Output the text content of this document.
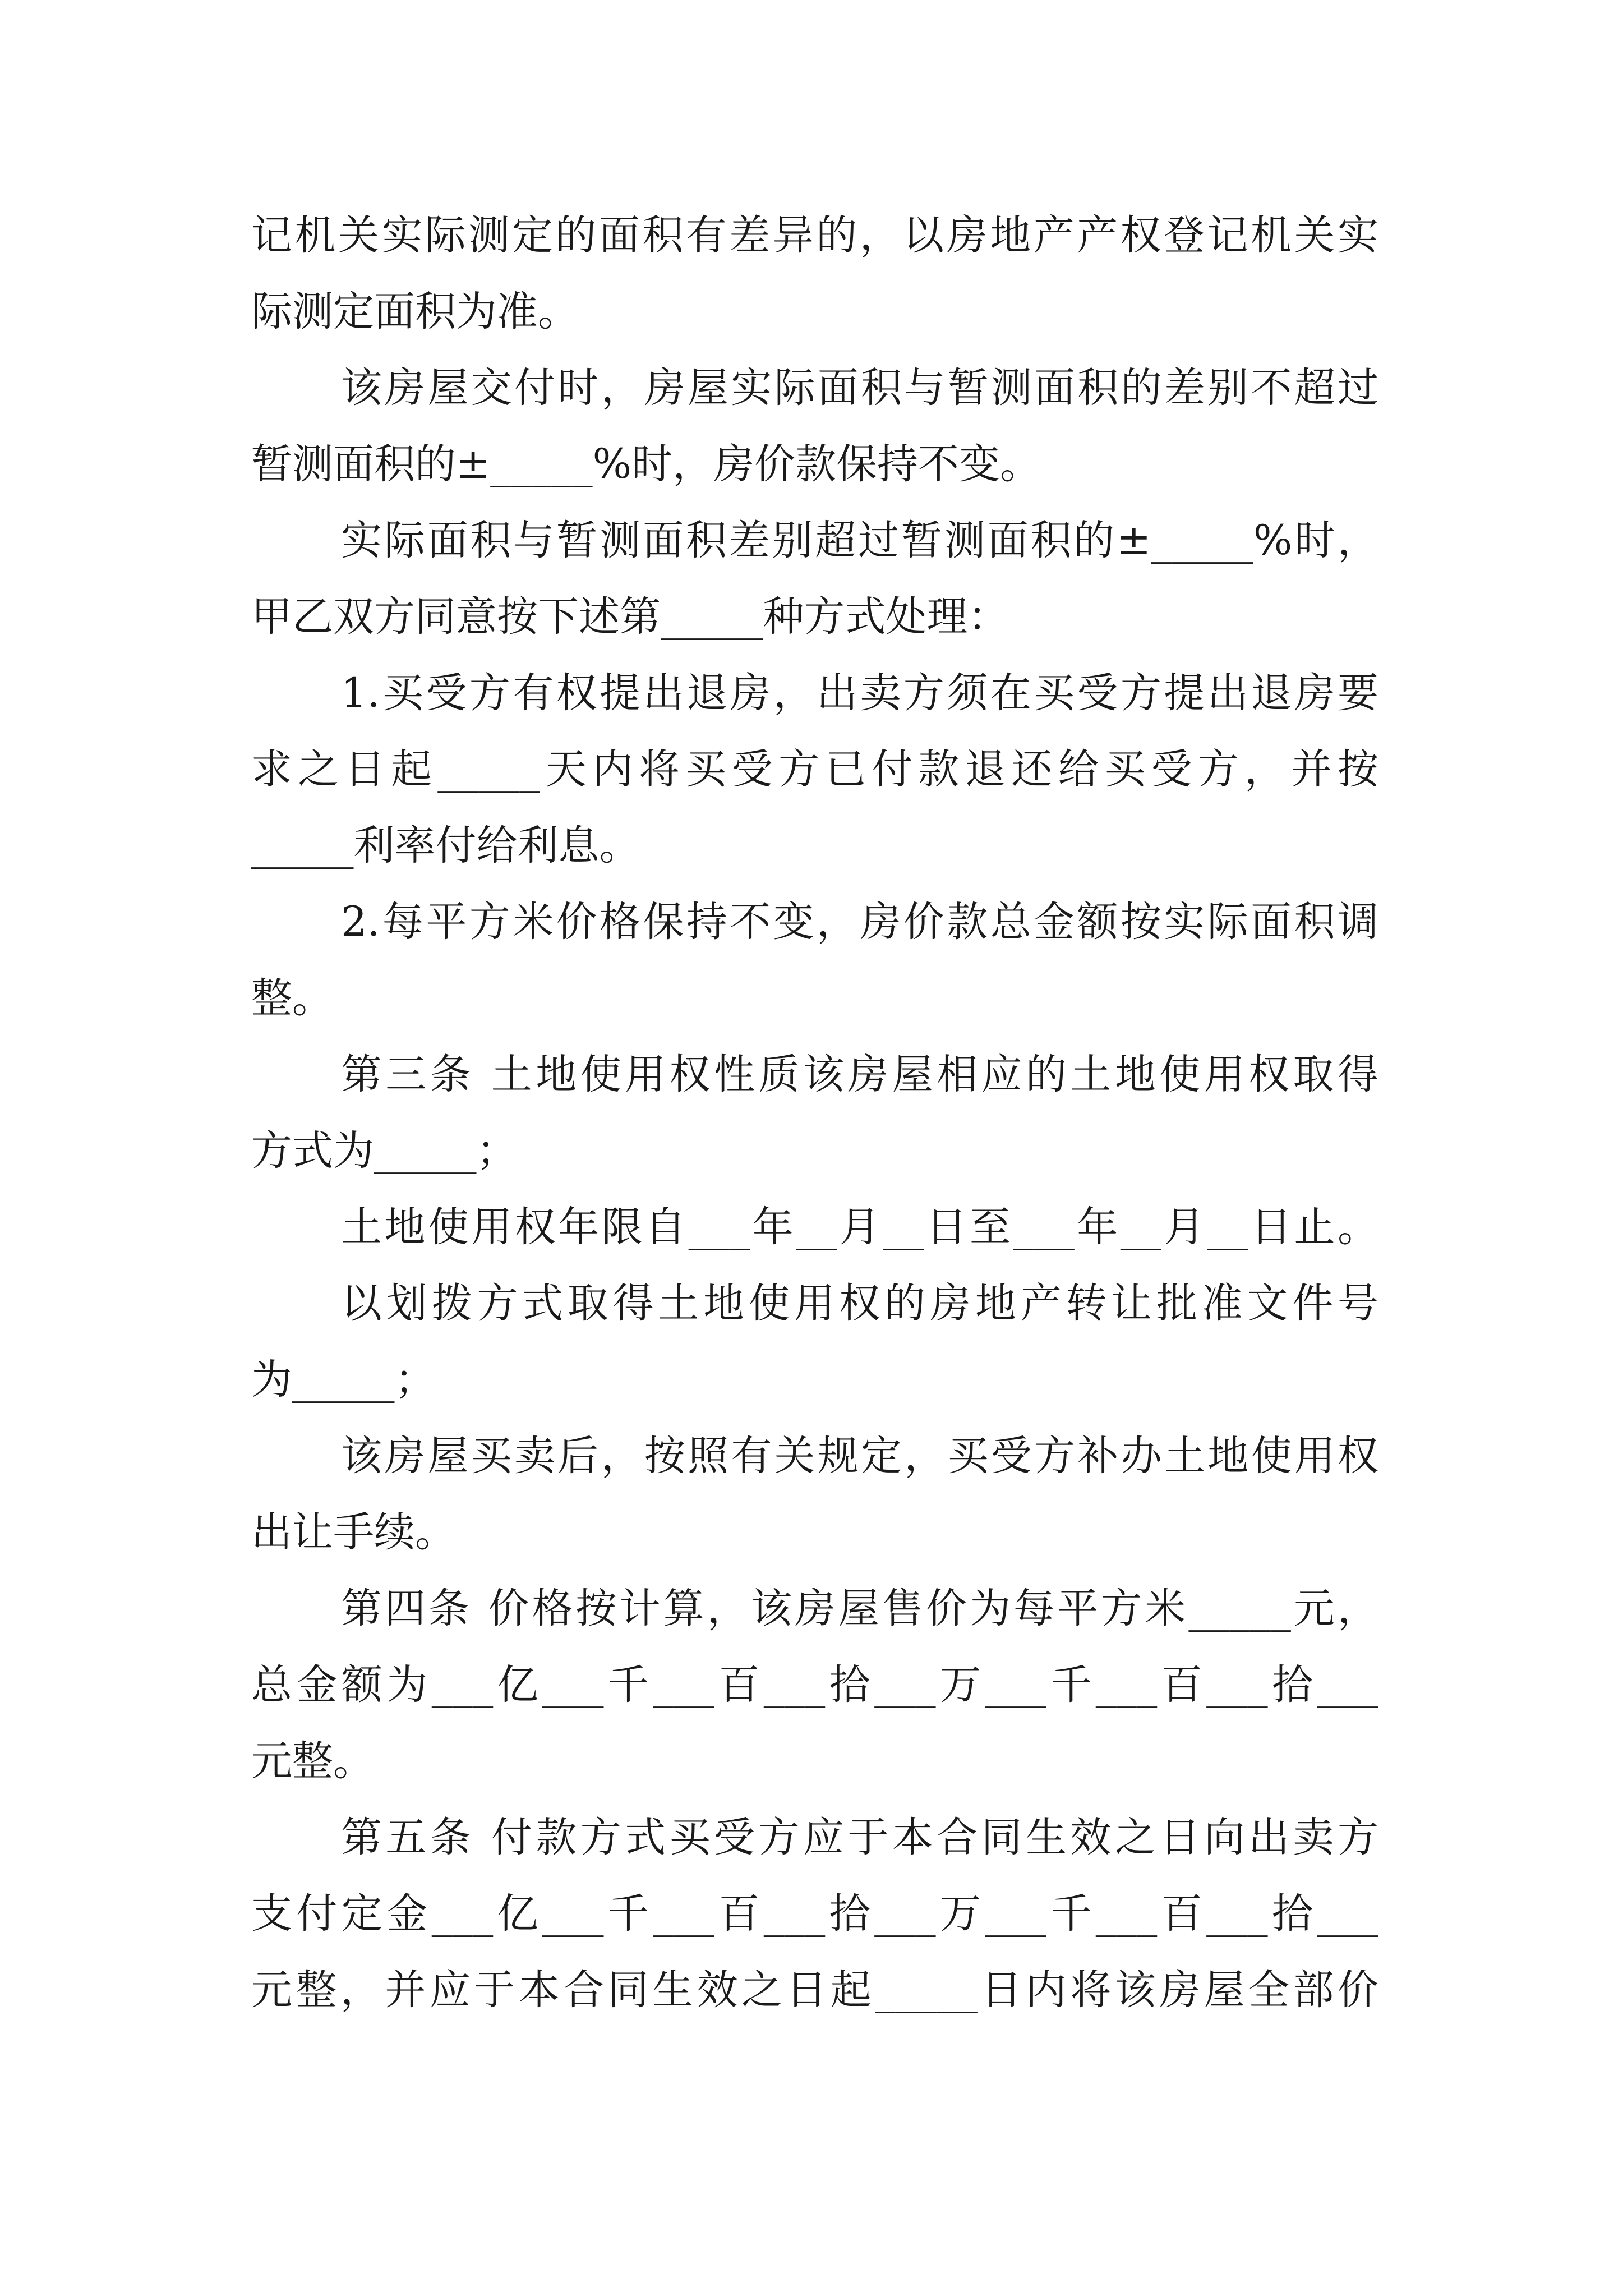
记机关实际测定的面积有差异的，以房地产产权登记机关实
际测定面积为准。
该房屋交付时，房屋实际面积与暂测面积的差别不超过
暂测面积的±_____%时，房价款保持不变。
实际面积与暂测面积差别超过暂测面积的±_____%时，
甲乙双方同意按下述第_____种方式处理：
1.买受方有权提出退房，出卖方须在买受方提出退房要
求之日起_____天内将买受方已付款退还给买受方，并按
_____利率付给利息。
2.每平方米价格保持不变，房价款总金额按实际面积调
整。
第三条 土地使用权性质该房屋相应的土地使用权取得
方式为_____；
土地使用权年限自___年__月__日至___年__月__日止。
以划拨方式取得土地使用权的房地产转让批准文件号
为_____；
该房屋买卖后，按照有关规定，买受方补办土地使用权
出让手续。
第四条 价格按计算，该房屋售价为每平方米_____元，
总金额为___亿___千___百___拾___万___千___百___拾___
元整。
第五条 付款方式买受方应于本合同生效之日向出卖方
支付定金___亿___千___百___拾___万___千___百___拾___
元整，并应于本合同生效之日起_____日内将该房屋全部价
